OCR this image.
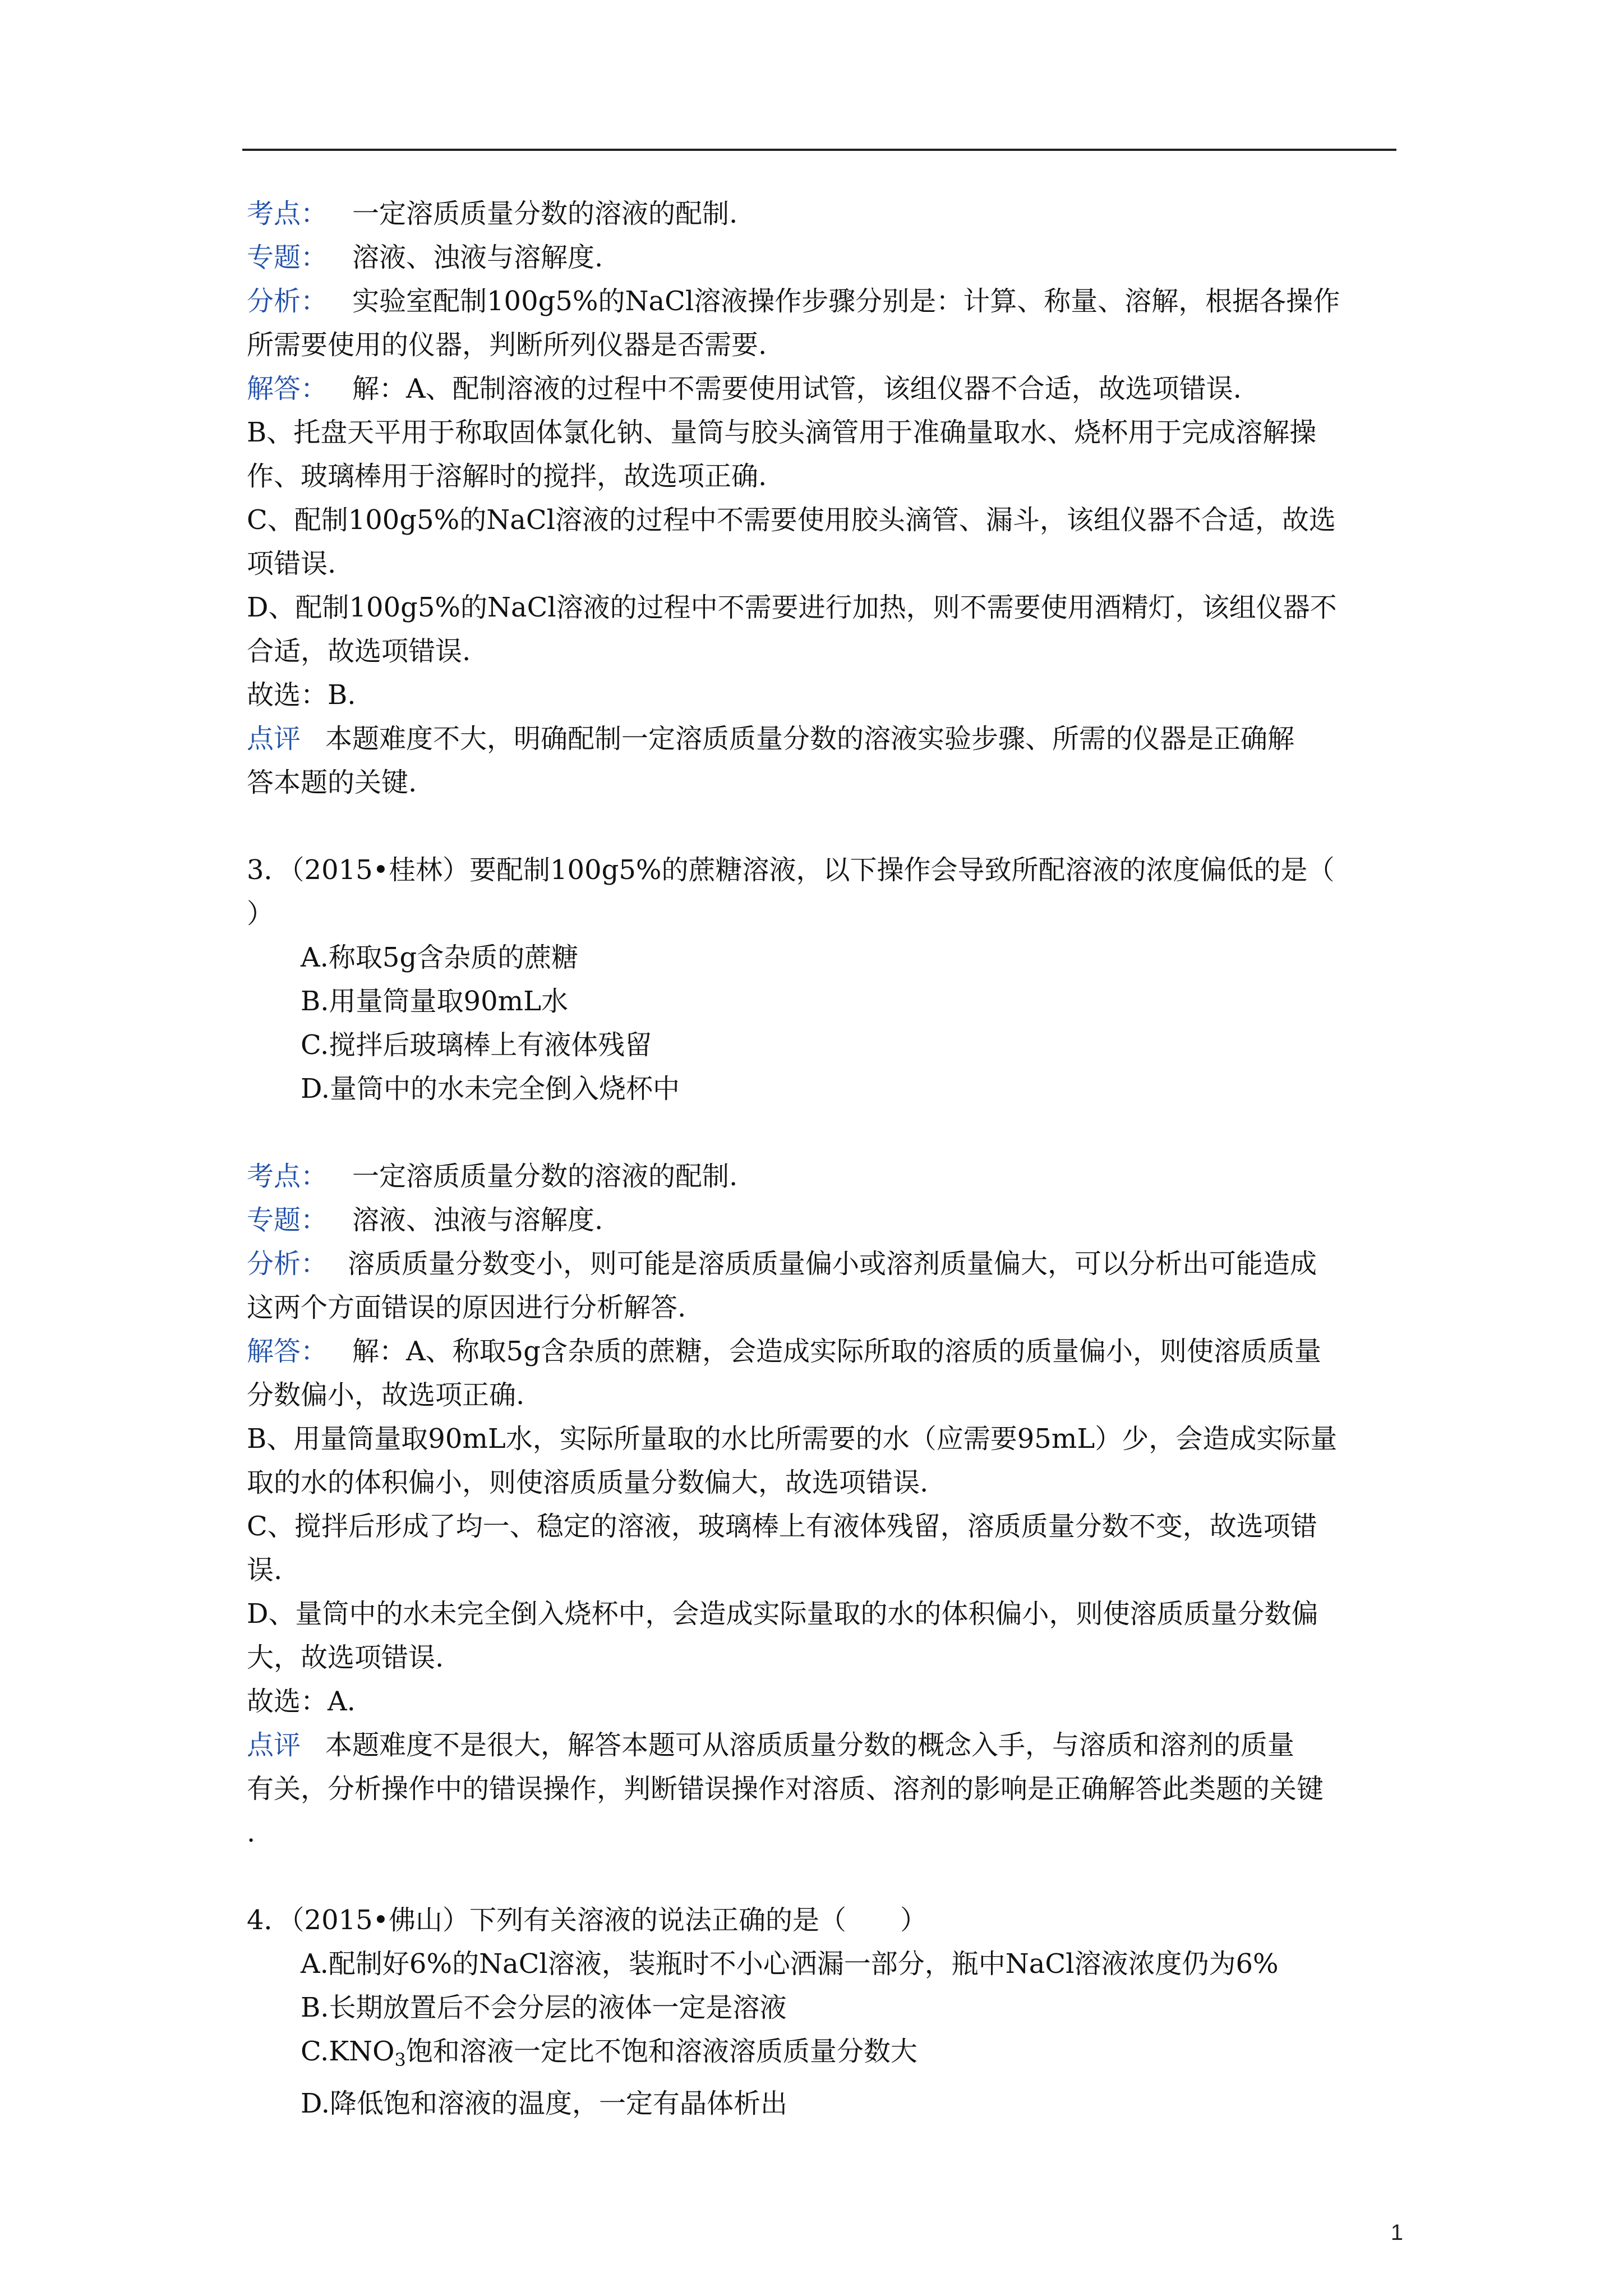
考点： 一定溶质质量分数的溶液的配制.

专题： 溶液、浊液与溶解度.

分析： 实验室配制100g5%的NaCl溶液操作步骤分别是：计算、称量、溶解，根据各操作

所需要使用的仪器，判断所列仪器是否需要.

解答： 解：A、配制溶液的过程中不需要使用试管，该组仪器不合适，故选项错误.

B、托盘天平用于称取固体氯化钠、量筒与胶头滴管用于准确量取水、烧杯用于完成溶解操

作、玻璃棒用于溶解时的搅拌，故选项正确.

C、配制100g5%的NaCl溶液的过程中不需要使用胶头滴管、漏斗，该组仪器不合适，故选

项错误.

D、配制100g5%的NaCl溶液的过程中不需要进行加热，则不需要使用酒精灯，该组仪器不

合适，故选项错误.

故选：B.

点评 本题难度不大，明确配制一定溶质质量分数的溶液实验步骤、所需的仪器是正确解

答本题的关键.

3．（2015•桂林）要配制100g5%的蔗糖溶液，以下操作会导致所配溶液的浓度偏低的是（

）

A.称取5g含杂质的蔗糖

B.用量筒量取90mL水

C.搅拌后玻璃棒上有液体残留

D.量筒中的水未完全倒入烧杯中

考点： 一定溶质质量分数的溶液的配制.

专题： 溶液、浊液与溶解度.

分析： 溶质质量分数变小，则可能是溶质质量偏小或溶剂质量偏大，可以分析出可能造成

这两个方面错误的原因进行分析解答.

解答： 解：A、称取5g含杂质的蔗糖，会造成实际所取的溶质的质量偏小，则使溶质质量

分数偏小，故选项正确.

B、用量筒量取90mL水，实际所量取的水比所需要的水（应需要95mL）少，会造成实际量

取的水的体积偏小，则使溶质质量分数偏大，故选项错误.

C、搅拌后形成了均一、稳定的溶液，玻璃棒上有液体残留，溶质质量分数不变，故选项错

误.

D、量筒中的水未完全倒入烧杯中，会造成实际量取的水的体积偏小，则使溶质质量分数偏

大，故选项错误.

故选：A.

点评 本题难度不是很大，解答本题可从溶质质量分数的概念入手，与溶质和溶剂的质量

有关，分析操作中的错误操作，判断错误操作对溶质、溶剂的影响是正确解答此类题的关键

.

4．（2015•佛山）下列有关溶液的说法正确的是（　　）

A.配制好6%的NaCl溶液，装瓶时不小心洒漏一部分，瓶中NaCl溶液浓度仍为6%

B.长期放置后不会分层的液体一定是溶液

$C.KNO_3$饱和溶液一定比不饱和溶液溶质质量分数大

D.降低饱和溶液的温度，一定有晶体析出

1
